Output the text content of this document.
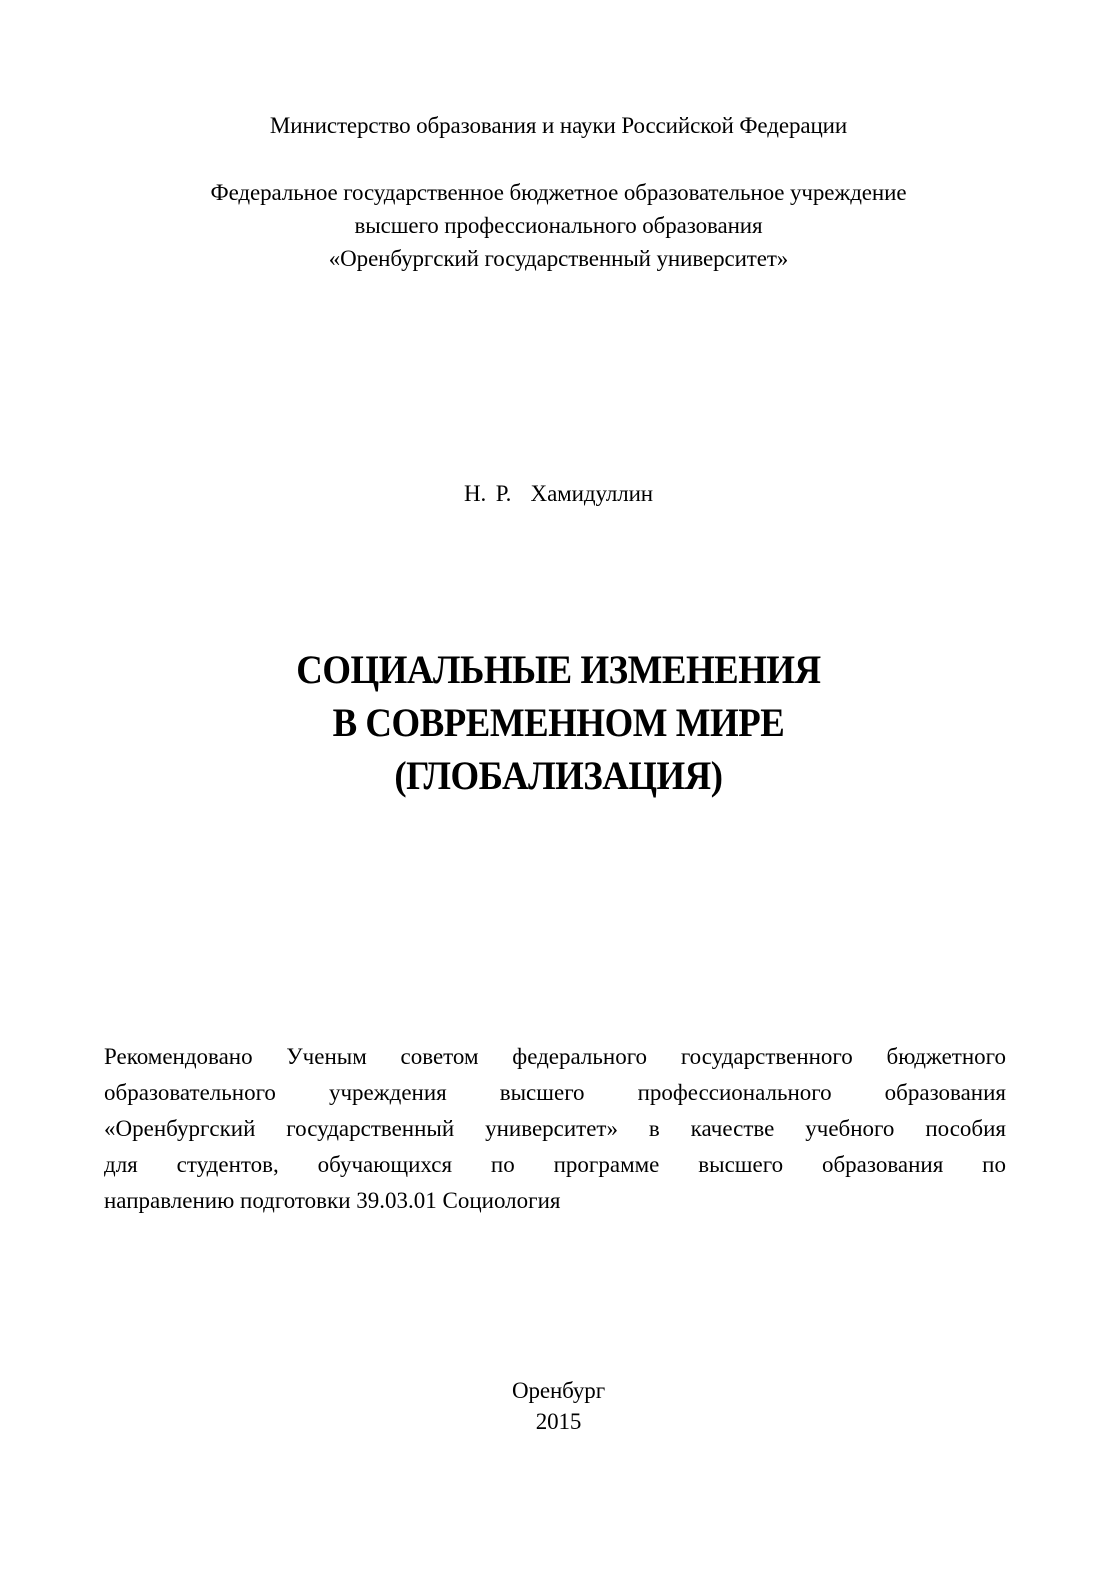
Министерство образования и науки Российской Федерации
Федеральное государственное бюджетное образовательное учреждение
высшего профессионального образования
«Оренбургский государственный университет»
Н. Р.  Хамидуллин
СОЦИАЛЬНЫЕ ИЗМЕНЕНИЯ
В СОВРЕМЕННОМ МИРЕ
(ГЛОБАЛИЗАЦИЯ)
Рекомендовано Ученым советом федерального государственного бюджетного
образовательного учреждения высшего профессионального образования
«Оренбургский государственный университет» в качестве учебного пособия
для студентов, обучающихся по программе высшего образования по
направлению подготовки 39.03.01 Социология
Оренбург
2015
